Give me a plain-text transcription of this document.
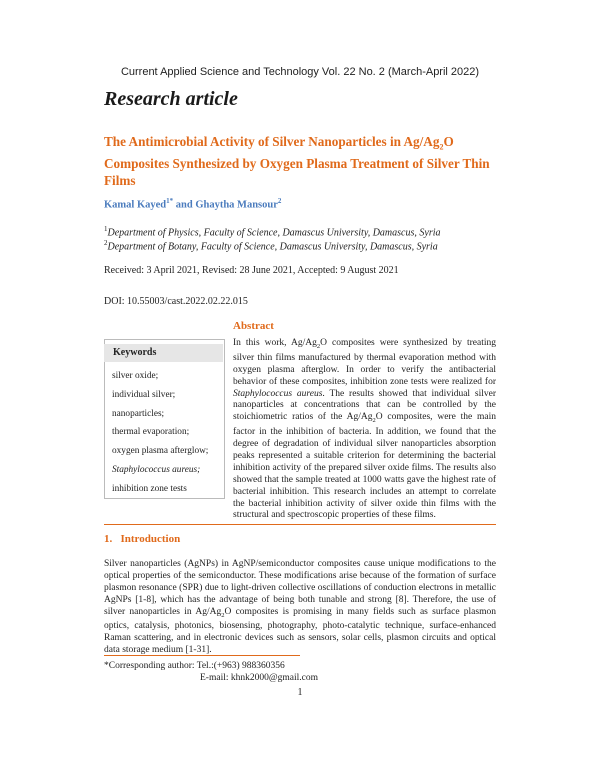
Current Applied Science and Technology Vol. 22 No. 2 (March-April 2022)
Research article
The Antimicrobial Activity of Silver Nanoparticles in $Ag/Ag_2O$ Composites Synthesized by Oxygen Plasma Treatment of Silver Thin Films
Kamal Kayed$^{1*}$ and Ghaytha Mansour$^2$
$^1$Department of Physics, Faculty of Science, Damascus University, Damascus, Syria
$^2$Department of Botany, Faculty of Science, Damascus University, Damascus, Syria
Received: 3 April 2021, Revised: 28 June 2021, Accepted: 9 August 2021
DOI: 10.55003/cast.2022.02.22.015
Abstract
Keywords
silver oxide;
individual silver;
nanoparticles;
thermal evaporation;
oxygen plasma afterglow;
Staphylococcus aureus;
inhibition zone tests
In this work, $Ag/Ag_2O$ composites were synthesized by treating silver thin films manufactured by thermal evaporation method with oxygen plasma afterglow. In order to verify the antibacterial behavior of these composites, inhibition zone tests were realized for Staphylococcus aureus. The results showed that individual silver nanoparticles at concentrations that can be controlled by the stoichiometric ratios of the $Ag/Ag_2O$ composites, were the main factor in the inhibition of bacteria. In addition, we found that the degree of degradation of individual silver nanoparticles absorption peaks represented a suitable criterion for determining the bacterial inhibition activity of the prepared silver oxide films. The results also showed that the sample treated at 1000 watts gave the highest rate of bacterial inhibition. This research includes an attempt to correlate the bacterial inhibition activity of silver oxide thin films with the structural and spectroscopic properties of these films.
1.   Introduction
Silver nanoparticles (AgNPs) in AgNP/semiconductor composites cause unique modifications to the optical properties of the semiconductor. These modifications arise because of the formation of surface plasmon resonance (SPR) due to light-driven collective oscillations of conduction electrons in metallic AgNPs [1-8], which has the advantage of being both tunable and strong [8]. Therefore, the use of silver nanoparticles in $Ag/Ag_2O$ composites is promising in many fields such as surface plasmon optics, catalysis, photonics, biosensing, photography, photo-catalytic technique, surface-enhanced Raman scattering, and in electronic devices such as sensors, solar cells, plasmon circuits and optical data storage medium [1-31].
*Corresponding author: Tel.:(+963) 988360356
E-mail: khnk2000@gmail.com
1
